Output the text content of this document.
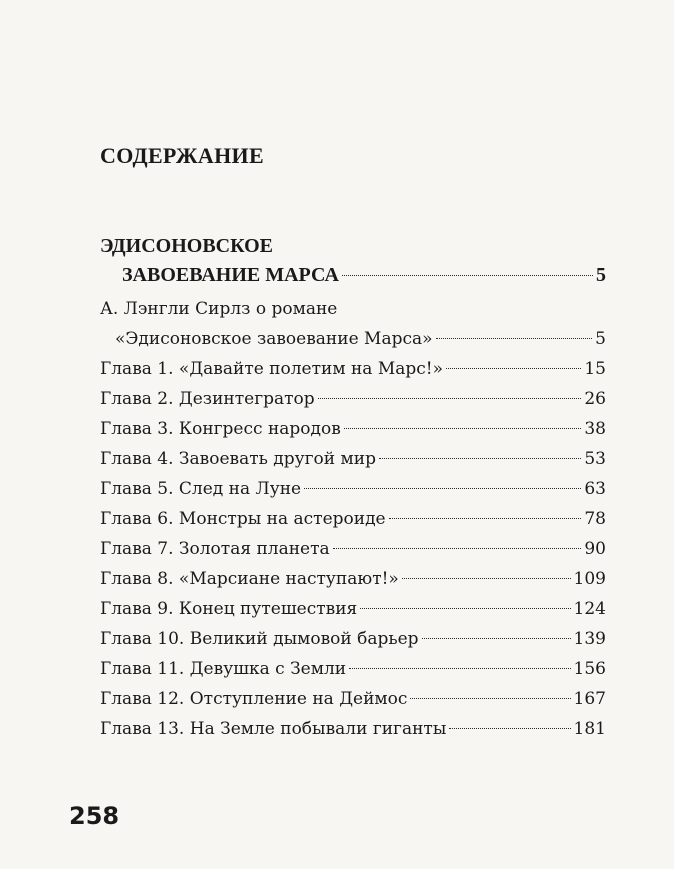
СОДЕРЖАНИЕ
ЭДИСОНОВСКОЕ
ЗАВОЕВАНИЕ МАРСА	5
А. Лэнгли Сирлз о романе
«Эдисоновское завоевание Марса»	5
Глава 1. «Давайте полетим на Марс!»	15
Глава 2. Дезинтегратор	26
Глава 3. Конгресс народов	38
Глава 4. Завоевать другой мир	53
Глава 5. След на Луне	63
Глава 6. Монстры на астероиде	78
Глава 7. Золотая планета	90
Глава 8. «Марсиане наступают!»	109
Глава 9. Конец путешествия	124
Глава 10. Великий дымовой барьер	139
Глава 11. Девушка с Земли	156
Глава 12. Отступление на Деймос	167
Глава 13. На Земле побывали гиганты	181

258
